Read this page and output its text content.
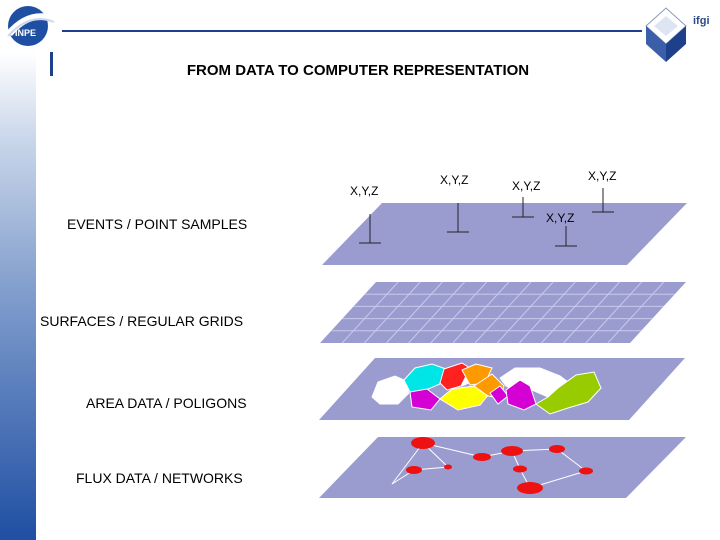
INPE
ifgi
FROM DATA TO COMPUTER REPRESENTATION
X,Y,Z
X,Y,Z	X,Y,Z
X,Y,Z
X,Y,Z
EVENTS / POINT SAMPLES
SURFACES / REGULAR GRIDS
AREA DATA / POLIGONS
FLUX DATA / NETWORKS
